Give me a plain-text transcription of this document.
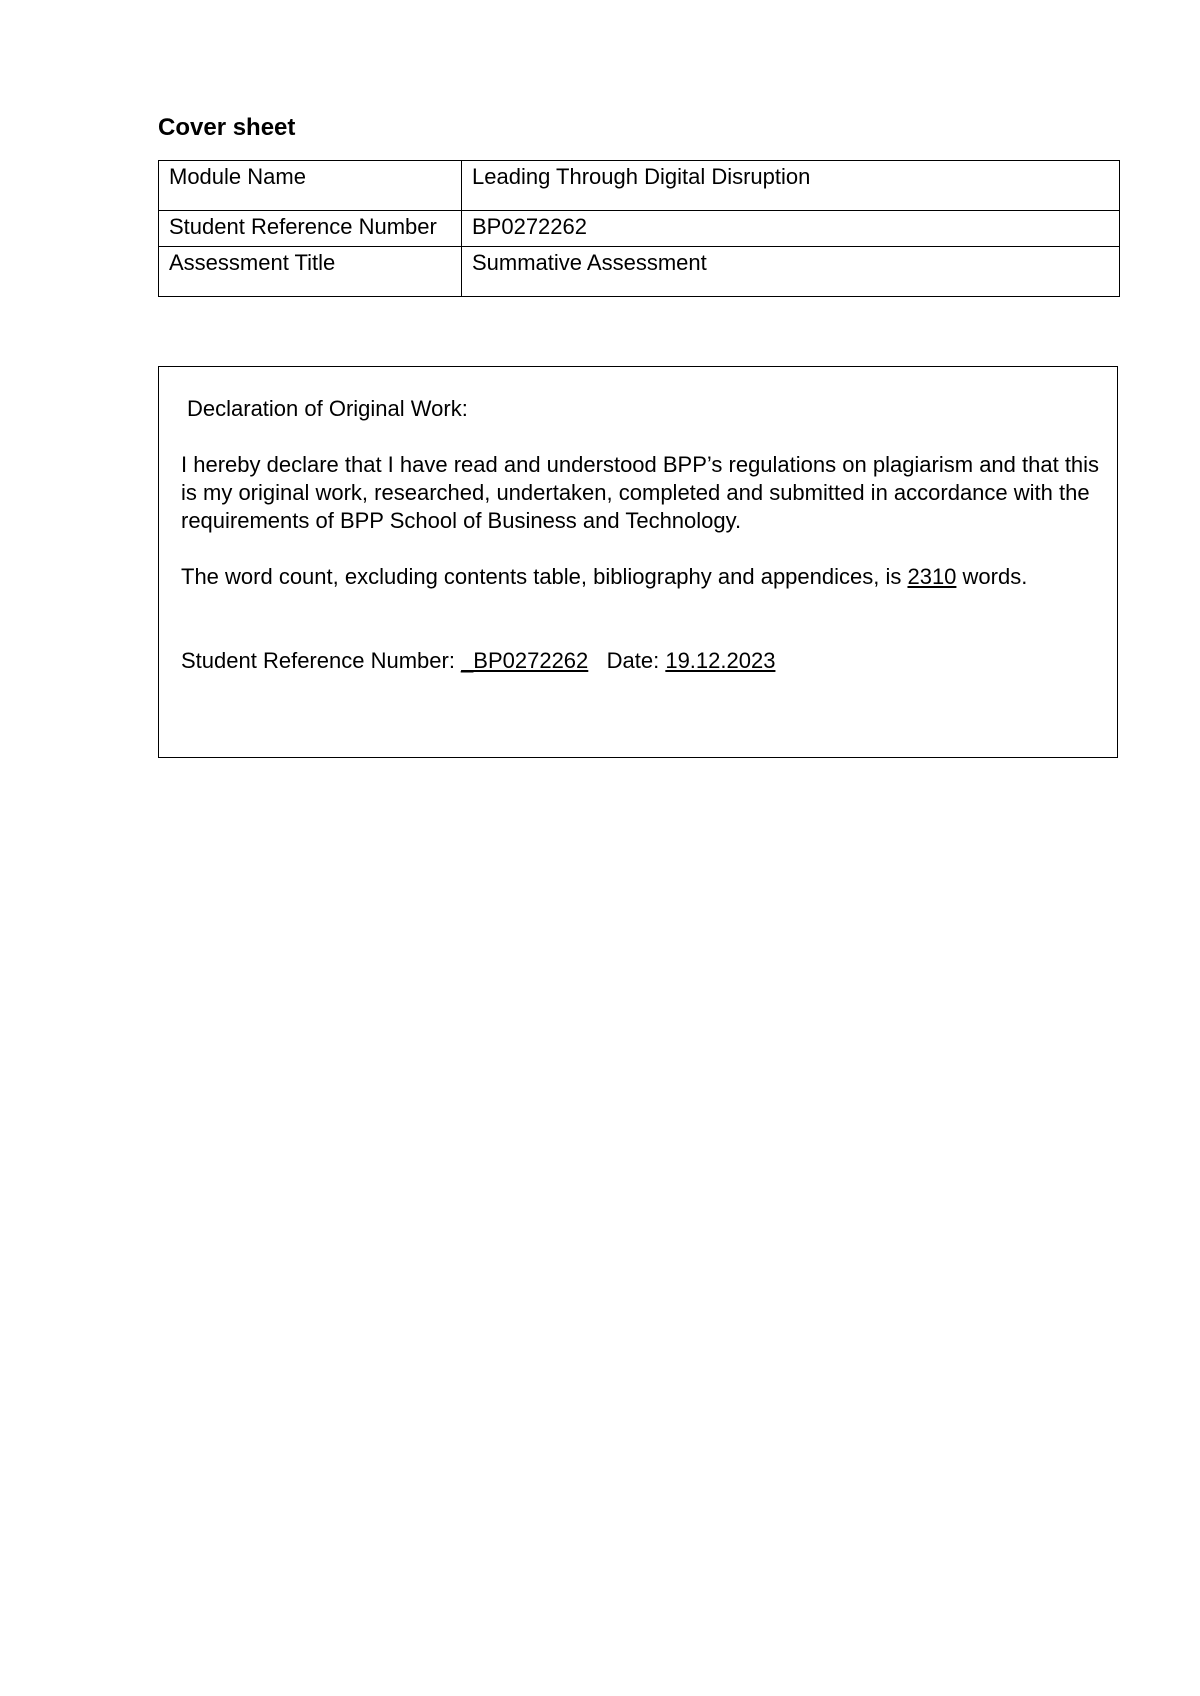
Cover sheet
Module Name	Leading Through Digital Disruption
Student Reference Number	BP0272262
Assessment Title	Summative Assessment

Declaration of Original Work:

I hereby declare that I have read and understood BPP’s regulations on plagiarism and that this is my original work, researched, undertaken, completed and submitted in accordance with the requirements of BPP School of Business and Technology.

The word count, excluding contents table, bibliography and appendices, is 2310 words.

Student Reference Number: _BP0272262   Date: 19.12.2023
